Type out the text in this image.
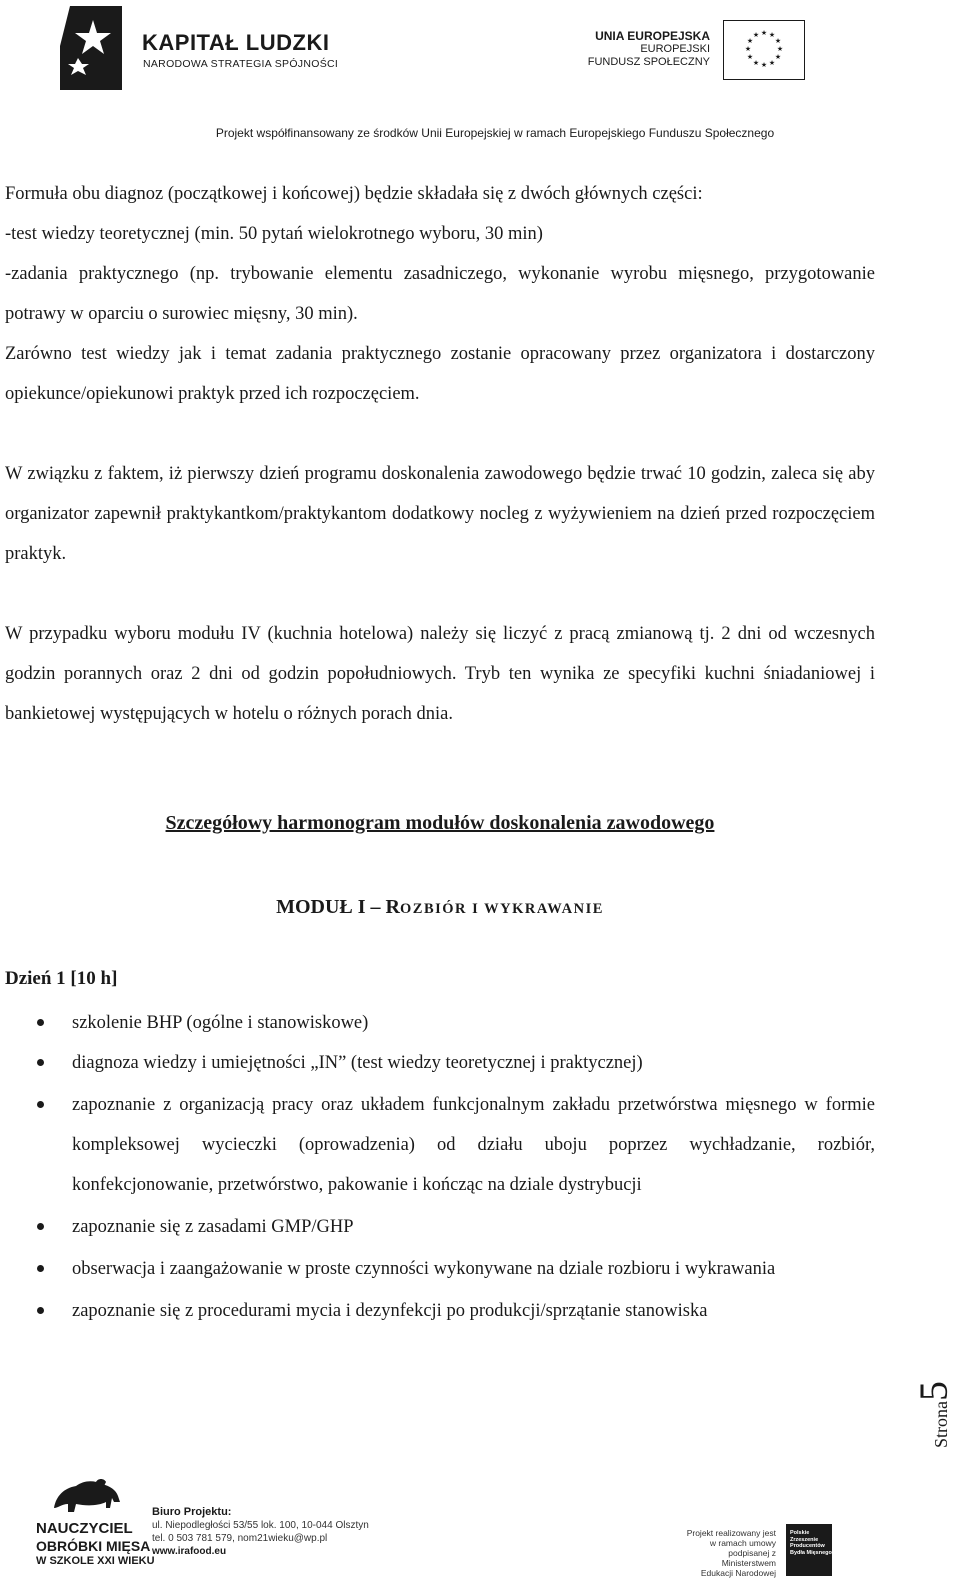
KAPITAŁ LUDZKI
NARODOWA STRATEGIA SPÓJNOŚCI
UNIA EUROPEJSKA
EUROPEJSKI
FUNDUSZ SPOŁECZNY
★ ★
★
★
★
★
★
★
★
★
★
★
Projekt współfinansowany ze środków Unii Europejskiej w ramach Europejskiego Funduszu Społecznego

Formuła obu diagnoz (początkowej i końcowej) będzie składała się z dwóch głównych części:

-test wiedzy teoretycznej (min. 50 pytań wielokrotnego wyboru, 30 min)

-zadania praktycznego (np. trybowanie elementu zasadniczego, wykonanie wyrobu mięsnego, przygotowanie potrawy w oparciu o surowiec mięsny, 30 min).

Zarówno test wiedzy jak i temat zadania praktycznego zostanie opracowany przez organizatora i dostarczony opiekunce/opiekunowi praktyk przed ich rozpoczęciem.

W związku z faktem, iż pierwszy dzień programu doskonalenia zawodowego będzie trwać 10 godzin, zaleca się aby organizator zapewnił praktykantkom/praktykantom dodatkowy nocleg z wyżywieniem na dzień przed rozpoczęciem praktyk.

W przypadku wyboru modułu IV (kuchnia hotelowa) należy się liczyć z pracą zmianową tj. 2 dni od wczesnych godzin porannych oraz 2 dni od godzin popołudniowych. Tryb ten wynika ze specyfiki kuchni śniadaniowej i bankietowej występujących w hotelu o różnych porach dnia.

Szczegółowy harmonogram modułów doskonalenia zawodowego
MODUŁ I – ROZBIÓR I WYKRAWANIE
Dzień 1 [10 h]
szkolenie BHP (ogólne i stanowiskowe)
diagnoza wiedzy i umiejętności „IN” (test wiedzy teoretycznej i praktycznej)
zapoznanie z organizacją pracy oraz układem funkcjonalnym zakładu przetwórstwa mięsnego w formie kompleksowej wycieczki (oprowadzenia) od działu uboju poprzez wychładzanie, rozbiór, konfekcjonowanie, przetwórstwo, pakowanie i kończąc na dziale dystrybucji
zapoznanie się z zasadami GMP/GHP
obserwacja i zaangażowanie w proste czynności wykonywane na dziale rozbioru i wykrawania
zapoznanie się z procedurami mycia i dezynfekcji po produkcji/sprzątanie stanowiska
Strona5
NAUCZYCIEL
OBRÓBKI MIĘSA
W SZKOLE XXI WIEKU
Biuro Projektu:
ul. Niepodległości 53/55 lok. 100, 10-044 Olsztyn
tel. 0 503 781 579, nom21wieku@wp.pl
www.irafood.eu
Projekt realizowany jest
w ramach umowy
podpisanej z Ministerstwem
Edukacji Narodowej
Polskie
Zrzeszenie
Producentów
Bydła Mięsnego
